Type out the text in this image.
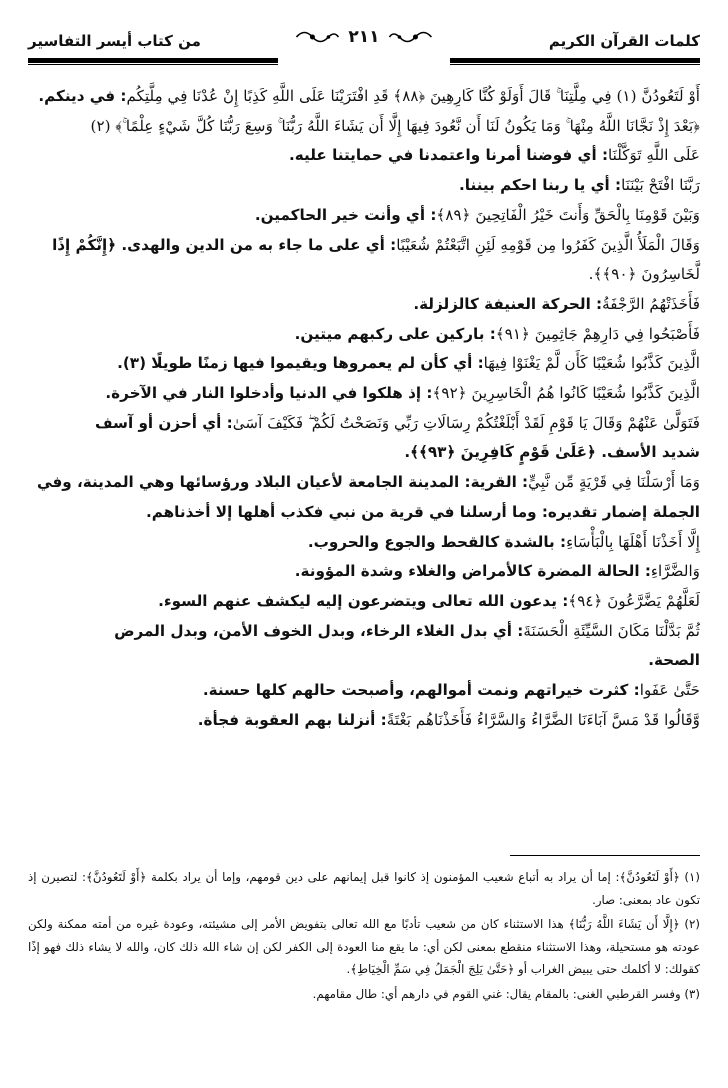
كلمات القرآن الكريم
٢١١
من كتاب أيسر التفاسير

أَوْ لَتَعُودُنَّ (١) فِي مِلَّتِنَا ۚ قَالَ أَوَلَوْ كُنَّا كَارِهِينَ ﴿٨٨﴾ قَدِ افْتَرَيْنَا عَلَى اللَّهِ كَذِبًا إِنْ عُدْنَا فِي مِلَّتِكُم: في دينكم.

﴿بَعْدَ إِذْ نَجَّانَا اللَّهُ مِنْهَا ۚ وَمَا يَكُونُ لَنَا أَن نَّعُودَ فِيهَا إِلَّا أَن يَشَاءَ اللَّهُ رَبُّنَا ۚ وَسِعَ رَبُّنَا كُلَّ شَيْءٍ عِلْمًا ۚ﴾ (٢)

عَلَى اللَّهِ تَوَكَّلْنَا: أي فوضنا أمرنا واعتمدنا في حمايتنا عليه.

رَبَّنَا افْتَحْ بَيْنَنَا: أي يا ربنا احكم بيننا.

وَبَيْنَ قَوْمِنَا بِالْحَقِّ وَأَنتَ خَيْرُ الْفَاتِحِينَ ﴿٨٩﴾: أي وأنت خير الحاكمين.

وَقَالَ الْمَلَأُ الَّذِينَ كَفَرُوا مِن قَوْمِهِ لَئِنِ اتَّبَعْتُمْ شُعَيْبًا: أي على ما جاء به من الدين والهدى. ﴿إِنَّكُمْ إِذًا

لَّخَاسِرُونَ ﴿٩٠﴾﴾.

فَأَخَذَتْهُمُ الرَّجْفَةُ: الحركة العنيفة كالزلزلة.

فَأَصْبَحُوا فِي دَارِهِمْ جَاثِمِينَ ﴿٩١﴾: باركين على ركبهم ميتين.

الَّذِينَ كَذَّبُوا شُعَيْبًا كَأَن لَّمْ يَغْنَوْا فِيهَا: أي كأن لم يعمروها ويقيموا فيها زمنًا طويلًا (٣).

الَّذِينَ كَذَّبُوا شُعَيْبًا كَانُوا هُمُ الْخَاسِرِينَ ﴿٩٢﴾: إذ هلكوا في الدنيا وأدخلوا النار في الآخرة.

فَتَوَلَّىٰ عَنْهُمْ وَقَالَ يَا قَوْمِ لَقَدْ أَبْلَغْتُكُمْ رِسَالَاتِ رَبِّي وَنَصَحْتُ لَكُمْ ۖ فَكَيْفَ آسَىٰ: أي أحزن أو آسف

شديد الأسف. ﴿عَلَىٰ قَوْمٍ كَافِرِينَ ﴿٩٣﴾﴾.

وَمَا أَرْسَلْنَا فِي قَرْيَةٍ مِّن نَّبِيٍّ: القرية: المدينة الجامعة لأعيان البلاد ورؤسائها وهي المدينة، وفي

الجملة إضمار تقديره: وما أرسلنا في قرية من نبي فكذب أهلها إلا أخذناهم.

إِلَّا أَخَذْنَا أَهْلَهَا بِالْبَأْسَاءِ: بالشدة كالقحط والجوع والحروب.

وَالضَّرَّاءِ: الحالة المضرة كالأمراض والغلاء وشدة المؤونة.

لَعَلَّهُمْ يَضَّرَّعُونَ ﴿٩٤﴾: يدعون الله تعالى ويتضرعون إليه ليكشف عنهم السوء.

ثُمَّ بَدَّلْنَا مَكَانَ السَّيِّئَةِ الْحَسَنَةَ: أي بدل الغلاء الرخاء، وبدل الخوف الأمن، وبدل المرض

الصحة.

حَتَّىٰ عَفَوا: كثرت خيراتهم ونمت أموالهم، وأصبحت حالهم كلها حسنة.

وَّقَالُوا قَدْ مَسَّ آبَاءَنَا الضَّرَّاءُ وَالسَّرَّاءُ فَأَخَذْنَاهُم بَغْتَةً: أنزلنا بهم العقوبة فجأة.

(١) ﴿أَوْ لَتَعُودُنَّ﴾: إما أن يراد به أتباع شعيب المؤمنون إذ كانوا قبل إيمانهم على دين قومهم، وإما أن يراد بكلمة ﴿أَوْ لَتَعُودُنَّ﴾: لتصيرن إذ تكون عاد بمعنى: صار.

(٢) ﴿إِلَّا أَن يَشَاءَ اللَّهُ رَبُّنَا﴾ هذا الاستثناء كان من شعيب تأدبًا مع الله تعالى بتفويض الأمر إلى مشيئته، وعودة غيره من أمته ممكنة ولكن عودته هو مستحيلة، وهذا الاستثناء منقطع بمعنى لكن أي: ما يقع منا العودة إلى الكفر لكن إن شاء الله ذلك كان، والله لا يشاء ذلك فهو إذًا كقولك: لا أكلمك حتى يبيض الغراب أو ﴿حَتَّىٰ يَلِجَ الْجَمَلُ فِي سَمِّ الْخِيَاطِ﴾.

(٣) وفسر القرطبي الغنى: بالمقام يقال: غني القوم في دارهم أي: طال مقامهم.
